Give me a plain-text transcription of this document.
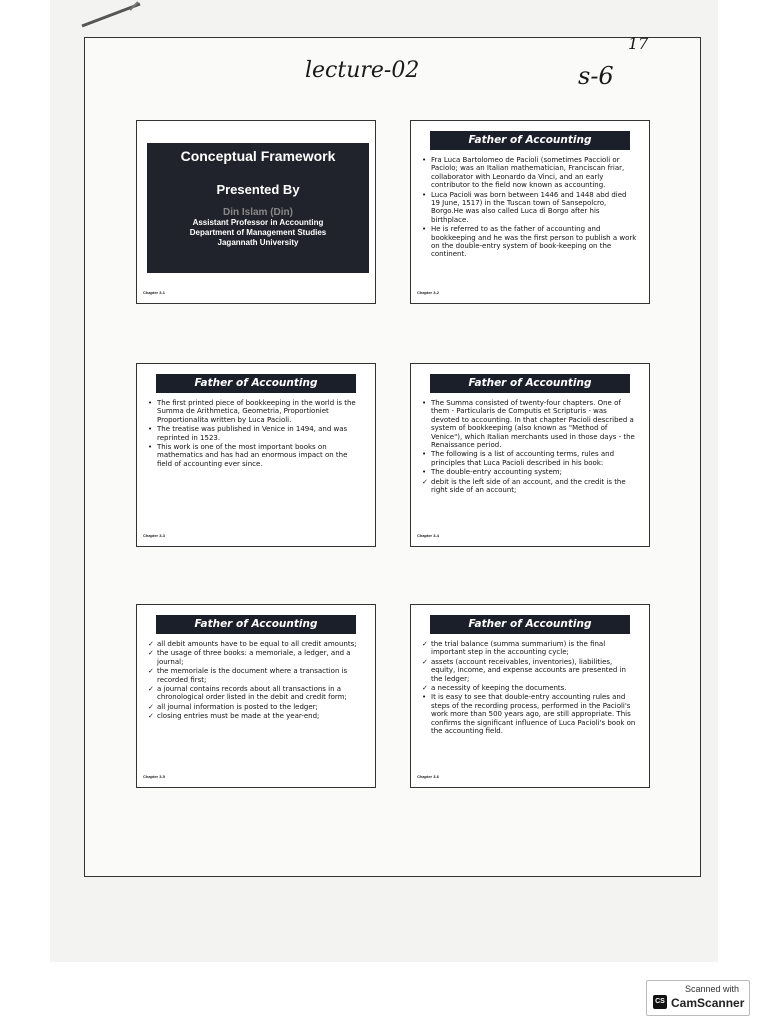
lecture-02	s-6
17
Conceptual Framework
Presented By
Din Islam (Din)
Assistant Professor in Accounting
Department of Management Studies
Jagannath University
Chapter 3-1
Father of Accounting
• Fra Luca Bartolomeo de Pacioli (sometimes Paccioli or Paciolo; was an Italian mathematician, Franciscan friar, collaborator with Leonardo da Vinci, and an early contributor to the field now known as accounting.
• Luca Pacioli was born between 1446 and 1448 abd died 19 June, 1517) in the Tuscan town of Sansepolcro, Borgo.He was also called Luca di Borgo after his birthplace.
• He is referred to as the father of accounting and bookkeeping and he was the first person to publish a work on the double-entry system of book-keeping on the continent.
Chapter 3-2
Father of Accounting
• The first printed piece of bookkeeping in the world is the Summa de Arithmetica, Geometria, Proportioniet Proportionalita written by Luca Pacioli.
• The treatise was published in Venice in 1494, and was reprinted in 1523.
• This work is one of the most important books on mathematics and has had an enormous impact on the field of accounting ever since.
Chapter 3-3
Father of Accounting
• The Summa consisted of twenty-four chapters. One of them - Particularis de Computis et Scripturis - was devoted to accounting. In that chapter Pacioli described a system of bookkeeping (also known as "Method of Venice"), which Italian merchants used in those days - the Renaissance period.
• The following is a list of accounting terms, rules and principles that Luca Pacioli described in his book:
• The double-entry accounting system;
✓ debit is the left side of an account, and the credit is the right side of an account;
Chapter 3-4
Father of Accounting
✓ all debit amounts have to be equal to all credit amounts;
✓ the usage of three books: a memoriale, a ledger, and a journal;
✓ the memoriale is the document where a transaction is recorded first;
✓ a journal contains records about all transactions in a chronological order listed in the debit and credit form;
✓ all journal information is posted to the ledger;
✓ closing entries must be made at the year-end;
Chapter 3-5
Father of Accounting
✓ the trial balance (summa summarium) is the final important step in the accounting cycle;
✓ assets (account receivables, inventories), liabilities, equity, income, and expense accounts are presented in the ledger;
✓ a necessity of keeping the documents.
• It is easy to see that double-entry accounting rules and steps of the recording process, performed in the Pacioli's work more than 500 years ago, are still appropriate. This confirms the significant influence of Luca Pacioli's book on the accounting field.
Chapter 3-6
Scanned with
CS CamScanner
